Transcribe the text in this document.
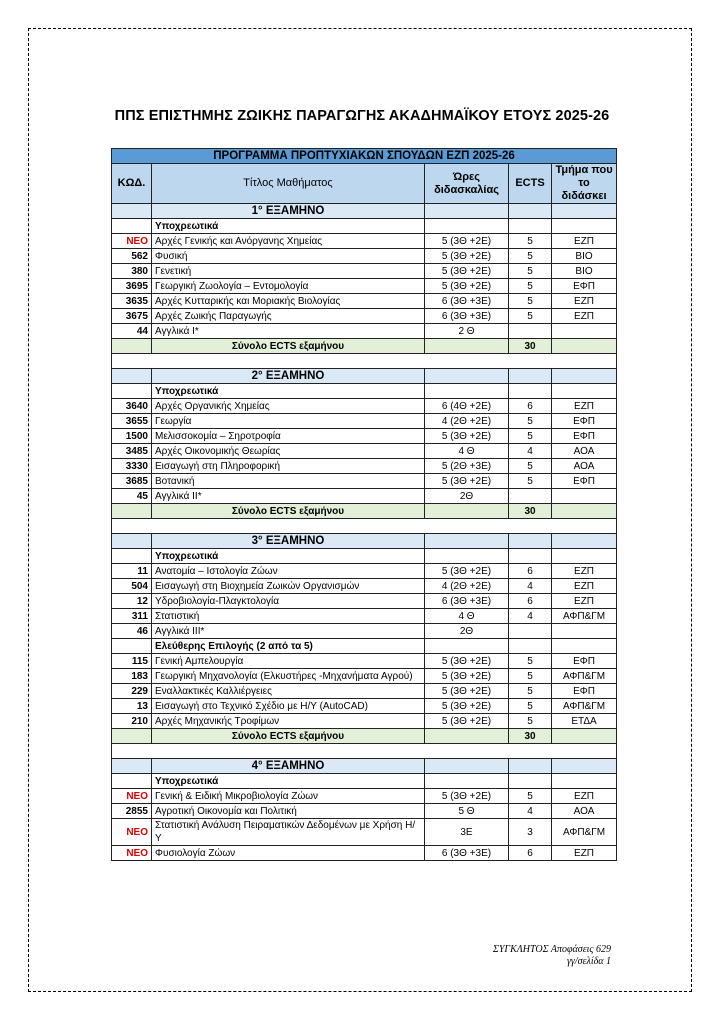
ΠΠΣ ΕΠΙΣΤΗΜΗΣ ΖΩΙΚΗΣ ΠΑΡΑΓΩΓΗΣ ΑΚΑΔΗΜΑΪΚΟΥ ΕΤΟΥΣ 2025-26
ΠΡΟΓΡΑΜΜΑ ΠΡΟΠΤΥΧΙΑΚΩΝ ΣΠΟΥΔΩΝ ΕΖΠ 2025-26				
ΚΩΔ.	Τίτλος Μαθήματος	Ώρες διδασκαλίας	ECTS	Τμήμα που το διδάσκει
	1° ΕΞΑΜΗΝΟ			
	Υποχρεωτικά			
ΝΕΟ	Αρχές Γενικής και Ανόργανης Χημείας	5 (3Θ +2Ε)	5	ΕΖΠ
562	Φυσική	5 (3Θ +2Ε)	5	ΒΙΟ
380	Γενετική	5 (3Θ +2Ε)	5	ΒΙΟ
3695	Γεωργική Ζωολογία – Εντομολογία	5 (3Θ +2Ε)	5	ΕΦΠ
3635	Αρχές Κυτταρικής και Μοριακής Βιολογίας	6 (3Θ +3Ε)	5	ΕΖΠ
3675	Αρχές Ζωικής Παραγωγής	6 (3Θ +3Ε)	5	ΕΖΠ
44	Αγγλικά Ι*	2 Θ		
	Σύνολο ECTS εξαμήνου		30	

	2° ΕΞΑΜΗΝΟ			
	Υποχρεωτικά			
3640	Αρχές Οργανικής Χημείας	6 (4Θ +2Ε)	6	ΕΖΠ
3655	Γεωργία	4 (2Θ +2Ε)	5	ΕΦΠ
1500	Μελισσοκομία – Σηροτροφία	5 (3Θ +2Ε)	5	ΕΦΠ
3485	Αρχές Οικονομικής Θεωρίας	4 Θ	4	ΑΟΑ
3330	Εισαγωγή στη Πληροφορική	5 (2Θ +3Ε)	5	ΑΟΑ
3685	Βοτανική	5 (3Θ +2Ε)	5	ΕΦΠ
45	Αγγλικά ΙΙ*	2Θ		
	Σύνολο ECTS εξαμήνου		30	

	3° ΕΞΑΜΗΝΟ			
	Υποχρεωτικά			
11	Ανατομία – Ιστολογία Ζώων	5 (3Θ +2Ε)	6	ΕΖΠ
504	Εισαγωγή στη Βιοχημεία Ζωικών Οργανισμών	4 (2Θ +2Ε)	4	ΕΖΠ
12	Υδροβιολογία-Πλαγκτολογία	6 (3Θ +3Ε)	6	ΕΖΠ
311	Στατιστική	4 Θ	4	ΑΦΠ&ΓΜ
46	Αγγλικά ΙΙΙ*	2Θ		
	Ελεύθερης Επιλογής (2 από τα 5)			
115	Γενική Αμπελουργία	5 (3Θ +2Ε)	5	ΕΦΠ
183	Γεωργική Μηχανολογία (Ελκυστήρες -Μηχανήματα Αγρού)	5 (3Θ +2Ε)	5	ΑΦΠ&ΓΜ
229	Εναλλακτικές Καλλιέργειες	5 (3Θ +2Ε)	5	ΕΦΠ
13	Εισαγωγή στο Τεχνικό Σχέδιο με Η/Υ (AutoCAD)	5 (3Θ +2Ε)	5	ΑΦΠ&ΓΜ
210	Αρχές Μηχανικής Τροφίμων	5 (3Θ +2Ε)	5	ΕΤΔΑ
	Σύνολο ECTS εξαμήνου		30	

	4° ΕΞΑΜΗΝΟ			
	Υποχρεωτικά			
ΝΕΟ	Γενική & Ειδική Μικροβιολογία Ζώων	5 (3Θ +2Ε)	5	ΕΖΠ
2855	Αγροτική Οικονομία και Πολιτική	5 Θ	4	ΑΟΑ
ΝΕΟ	Στατιστική Ανάλυση Πειραματικών Δεδομένων με Χρήση Η/Υ	3Ε	3	ΑΦΠ&ΓΜ
ΝΕΟ	Φυσιολογία Ζώων	6 (3Θ +3Ε)	6	ΕΖΠ
ΣΥΓΚΛΗΤΟΣ Αποφάσεις 629
γγ/σελίδα 1
